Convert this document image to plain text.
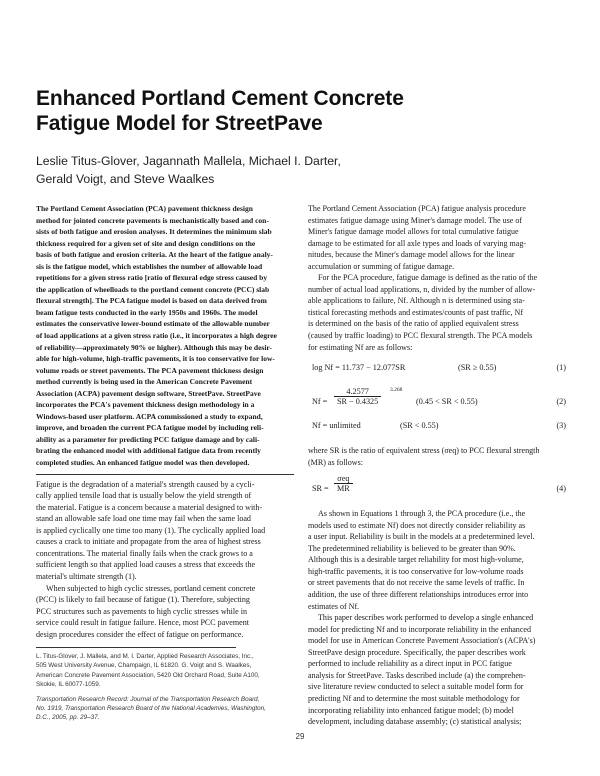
Enhanced Portland Cement Concrete
Fatigue Model for StreetPave
Leslie Titus-Glover, Jagannath Mallela, Michael I. Darter,
Gerald Voigt, and Steve Waalkes

The Portland Cement Association (PCA) pavement thickness design
method for jointed concrete pavements is mechanistically based and con-
sists of both fatigue and erosion analyses. It determines the minimum slab
thickness required for a given set of site and design conditions on the
basis of both fatigue and erosion criteria. At the heart of the fatigue analy-
sis is the fatigue model, which establishes the number of allowable load
repetitions for a given stress ratio [ratio of flexural edge stress caused by
the application of wheelloads to the portland cement concrete (PCC) slab
flexural strength]. The PCA fatigue model is based on data derived from
beam fatigue tests conducted in the early 1950s and 1960s. The model
estimates the conservative lower-bound estimate of the allowable number
of load applications at a given stress ratio (i.e., it incorporates a high degree
of reliability—approximately 90% or higher). Although this may be desir-
able for high-volume, high-traffic pavements, it is too conservative for low-
volume roads or street pavements. The PCA pavement thickness design
method currently is being used in the American Concrete Pavement
Association (ACPA) pavement design software, StreetPave. StreetPave
incorporates the PCA's pavement thickness design methodology in a
Windows-based user platform. ACPA commissioned a study to expand,
improve, and broaden the current PCA fatigue model by including reli-
ability as a parameter for predicting PCC fatigue damage and by cali-
brating the enhanced model with additional fatigue data from recently
completed studies. An enhanced fatigue model was then developed.

Fatigue is the degradation of a material's strength caused by a cycli-
cally applied tensile load that is usually below the yield strength of
the material. Fatigue is a concern because a material designed to with-
stand an allowable safe load one time may fail when the same load
is applied cyclically one time too many (1). The cyclically applied load
causes a crack to initiate and propagate from the area of highest stress
concentrations. The material finally fails when the crack grows to a
sufficient length so that applied load causes a stress that exceeds the
material's ultimate strength (1).

When subjected to high cyclic stresses, portland cement concrete
(PCC) is likely to fail because of fatigue (1). Therefore, subjecting
PCC structures such as pavements to high cyclic stresses while in
service could result in fatigue failure. Hence, most PCC pavement
design procedures consider the effect of fatigue on performance.

L. Titus-Glover, J. Mallela, and M. I. Darter, Applied Research Associates, Inc.,
505 West University Avenue, Champaign, IL 61820. G. Voigt and S. Waalkes,
American Concrete Pavement Association, 5420 Old Orchard Road, Suite A100,
Skokie, IL 60077-1059.

Transportation Research Record: Journal of the Transportation Research Board,
No. 1919, Transportation Research Board of the National Academies, Washington,
D.C., 2005, pp. 29–37.

The Portland Cement Association (PCA) fatigue analysis procedure
estimates fatigue damage using Miner's damage model. The use of
Miner's fatigue damage model allows for total cumulative fatigue
damage to be estimated for all axle types and loads of varying mag-
nitudes, because the Miner's damage model allows for the linear
accumulation or summing of fatigue damage.

For the PCA procedure, fatigue damage is defined as the ratio of the
number of actual load applications, n, divided by the number of allow-
able applications to failure, Nf. Although n is determined using sta-
tistical forecasting methods and estimates/counts of past traffic, Nf
is determined on the basis of the ratio of applied equivalent stress
(caused by traffic loading) to PCC flexural strength. The PCA models
for estimating Nf are as follows:

log Nf = 11.737 − 12.077SR	(SR ≥ 0.55)	(1)
$Nf = \frac{4.2577}{SR - 0.4325} 3.268$
(0.45 < SR < 0.55)	(2)
Nf = unlimited	(SR < 0.55)	(3)

where SR is the ratio of equivalent stress (σeq) to PCC flexural strength
(MR) as follows:

SR =
σeq
MR	(4)

As shown in Equations 1 through 3, the PCA procedure (i.e., the
models used to estimate Nf) does not directly consider reliability as
a user input. Reliability is built in the models at a predetermined level.
The predetermined reliability is believed to be greater than 90%.
Although this is a desirable target reliability for most high-volume,
high-traffic pavements, it is too conservative for low-volume roads
or street pavements that do not receive the same levels of traffic. In
addition, the use of three different relationships introduces error into
estimates of Nf.

This paper describes work performed to develop a single enhanced
model for predicting Nf and to incorporate reliability in the enhanced
model for use in American Concrete Pavement Association's (ACPA's)
StreetPave design procedure. Specifically, the paper describes work
performed to include reliability as a direct input in PCC fatigue
analysis for StreetPave. Tasks described include (a) the comprehen-
sive literature review conducted to select a suitable model form for
predicting Nf and to determine the most suitable methodology for
incorporating reliability into enhanced fatigue model; (b) model
development, including database assembly; (c) statistical analysis;

29
